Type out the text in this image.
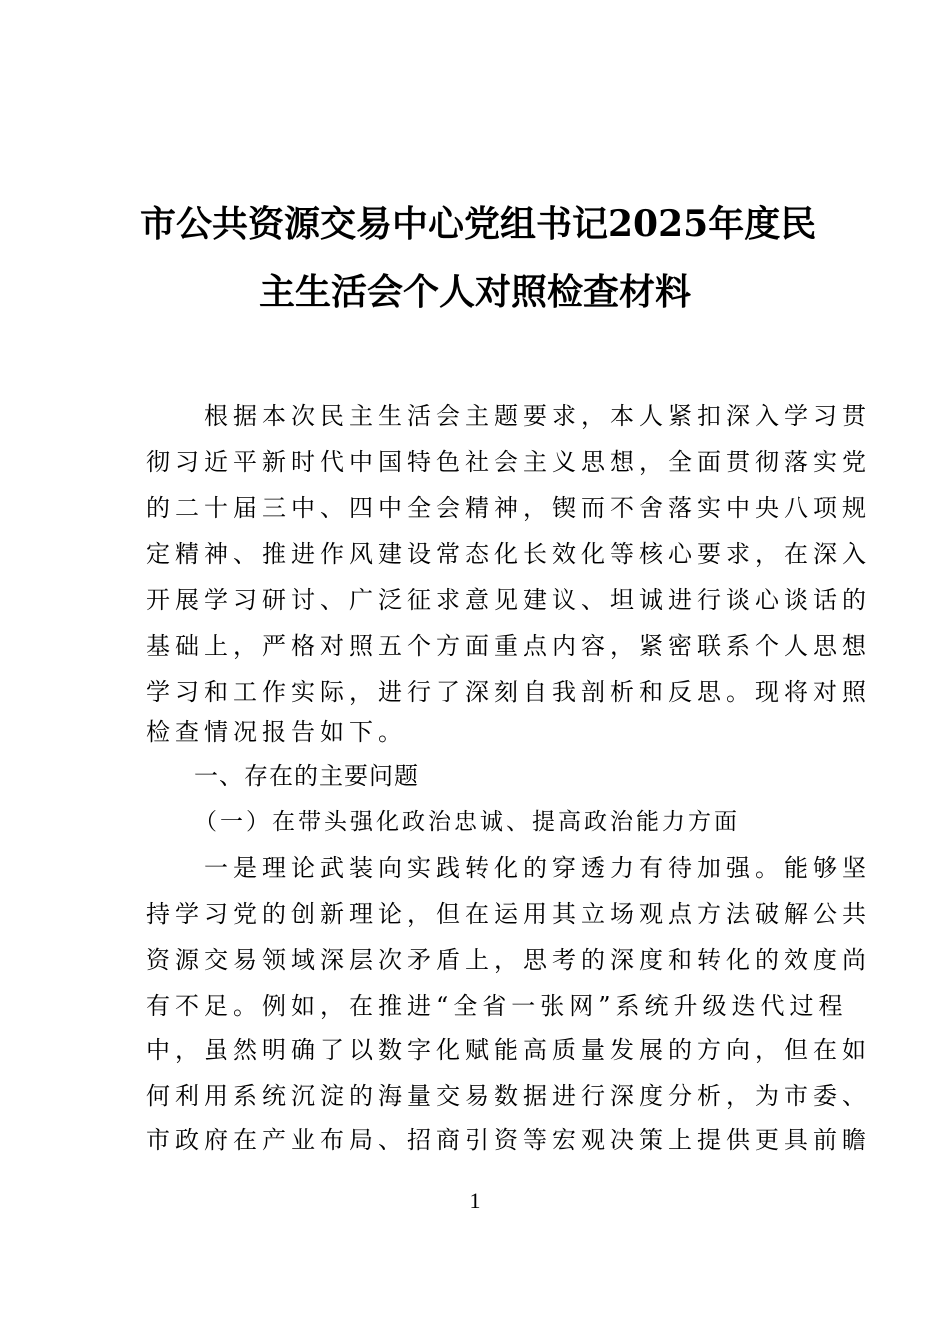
市公共资源交易中心党组书记2025年度民
主生活会个人对照检查材料
　　根据本次民主生活会主题要求，本人紧扣深入学习贯
彻习近平新时代中国特色社会主义思想，全面贯彻落实党
的二十届三中、四中全会精神，锲而不舍落实中央八项规
定精神、推进作风建设常态化长效化等核心要求，在深入
开展学习研讨、广泛征求意见建议、坦诚进行谈心谈话的
基础上，严格对照五个方面重点内容，紧密联系个人思想
学习和工作实际，进行了深刻自我剖析和反思。现将对照
检查情况报告如下。
一、存在的主要问题
（一）在带头强化政治忠诚、提高政治能力方面
　　一是理论武装向实践转化的穿透力有待加强。能够坚
持学习党的创新理论，但在运用其立场观点方法破解公共
资源交易领域深层次矛盾上，思考的深度和转化的效度尚
有不足。例如，在推进“全省一张网”系统升级迭代过程
中，虽然明确了以数字化赋能高质量发展的方向，但在如
何利用系统沉淀的海量交易数据进行深度分析，为市委、
市政府在产业布局、招商引资等宏观决策上提供更具前瞻
1
